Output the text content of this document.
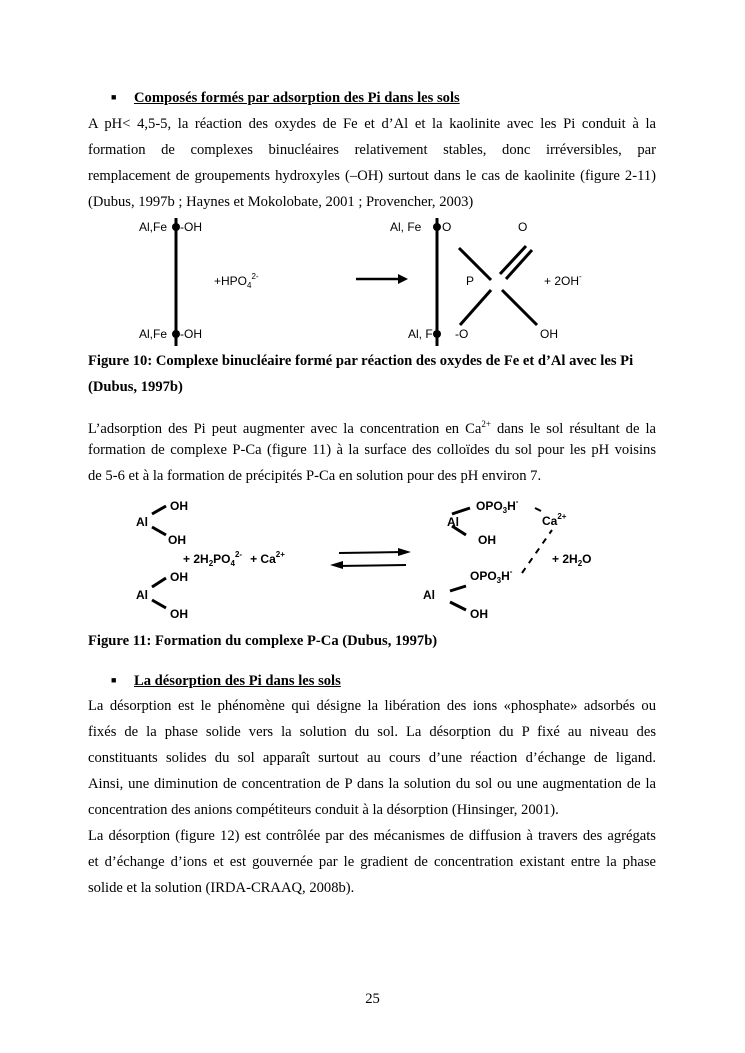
■ Composés formés par adsorption des Pi dans les sols
A pH< 4,5-5, la réaction des oxydes de Fe et d’Al et la kaolinite avec les Pi conduit à la
formation de complexes binucléaires relativement stables, donc irréversibles, par
remplacement de groupements hydroxyles (–OH) surtout dans le cas de kaolinite (figure 2-11)
(Dubus, 1997b ; Haynes et Mokolobate, 2001 ; Provencher, 2003)
Al,Fe -OH
Al,Fe -OH
$+HPO_4^{2-}$
Al, Fe O	O
P
Al, F -O	OH
+ 2OH-
Figure 10: Complexe binucléaire formé par réaction des oxydes de Fe et d’Al avec les Pi
(Dubus, 1997b)
L’adsorption des Pi peut augmenter avec la concentration en $Ca^{2+}$ dans le sol résultant de la
formation de complexe P-Ca (figure 11) à la surface des colloïdes du sol pour les pH voisins
de 5-6 et à la formation de précipités P-Ca en solution pour des pH environ 7.
Al
OH
OH
Al
OH
OH
+ $2H_2PO_4^{2-} + Ca^{2+}$
Al
$OPO_3H^-$
$Ca^{2+}$
OH
$OPO_3H^-$
+ $2H_2O$
Al
OH
Figure 11: Formation du complexe P-Ca (Dubus, 1997b)
■ La désorption des Pi dans les sols
La désorption est le phénomène qui désigne la libération des ions «phosphate» adsorbés ou
fixés de la phase solide vers la solution du sol. La désorption du P fixé au niveau des
constituants solides du sol apparaît surtout au cours d’une réaction d’échange de ligand.
Ainsi, une diminution de concentration de P dans la solution du sol ou une augmentation de la
concentration des anions compétiteurs conduit à la désorption (Hinsinger, 2001).
La désorption (figure 12) est contrôlée par des mécanismes de diffusion à travers des agrégats
et d’échange d’ions et est gouvernée par le gradient de concentration existant entre la phase
solide et la solution (IRDA-CRAAQ, 2008b).
25
